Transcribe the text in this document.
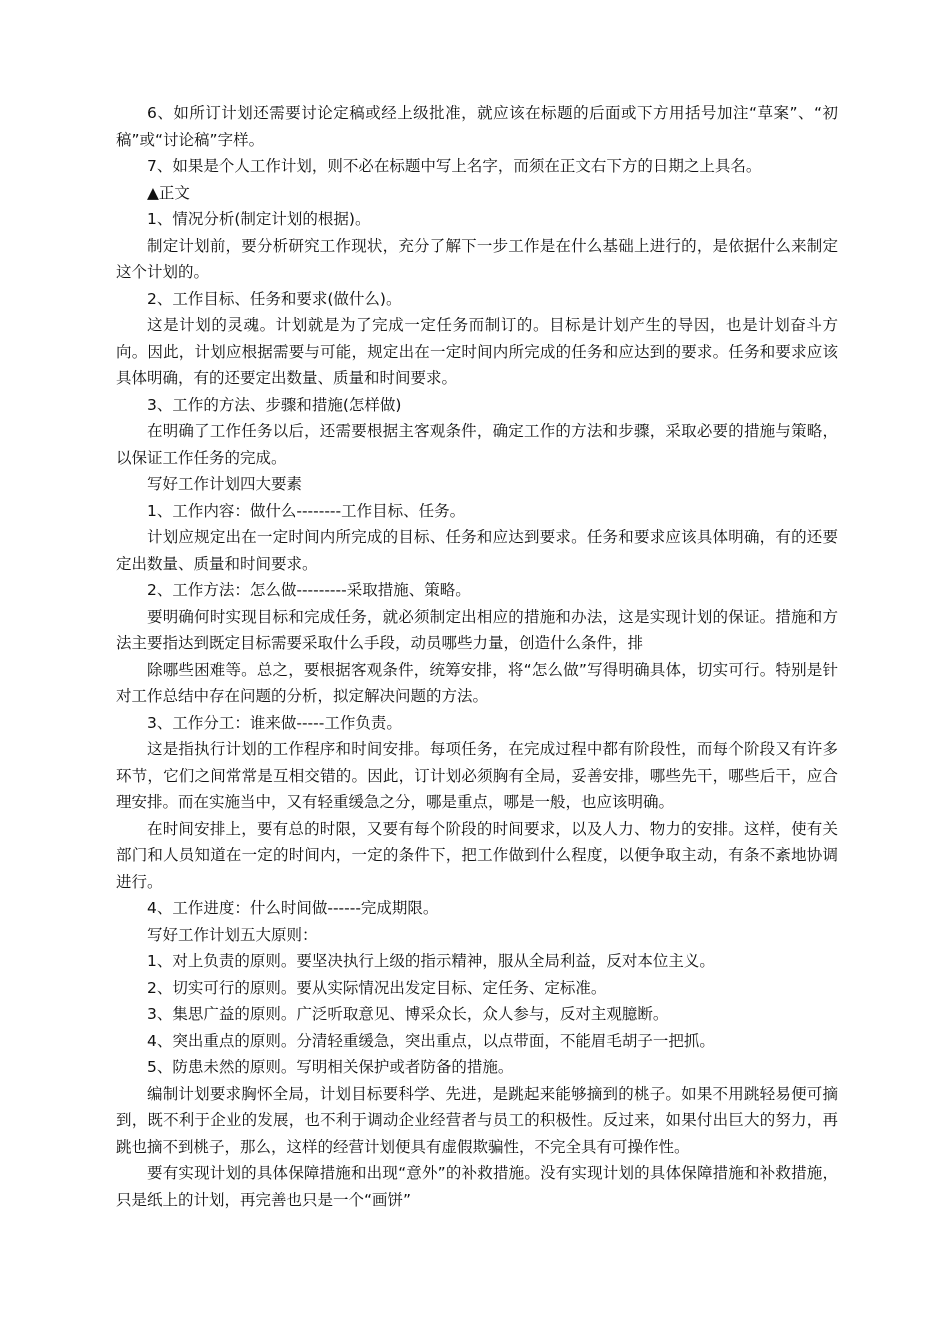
6、如所订计划还需要讨论定稿或经上级批准，就应该在标题的后面或下方用括号加注“草案”、“初稿”或“讨论稿”字样。

7、如果是个人工作计划，则不必在标题中写上名字，而须在正文右下方的日期之上具名。

▲正文

1、情况分析(制定计划的根据)。

制定计划前，要分析研究工作现状，充分了解下一步工作是在什么基础上进行的，是依据什么来制定这个计划的。

2、工作目标、任务和要求(做什么)。

这是计划的灵魂。计划就是为了完成一定任务而制订的。目标是计划产生的导因，也是计划奋斗方向。因此，计划应根据需要与可能，规定出在一定时间内所完成的任务和应达到的要求。任务和要求应该具体明确，有的还要定出数量、质量和时间要求。

3、工作的方法、步骤和措施(怎样做)

在明确了工作任务以后，还需要根据主客观条件，确定工作的方法和步骤，采取必要的措施与策略，以保证工作任务的完成。

写好工作计划四大要素

1、工作内容：做什么--------工作目标、任务。

计划应规定出在一定时间内所完成的目标、任务和应达到要求。任务和要求应该具体明确，有的还要定出数量、质量和时间要求。

2、工作方法：怎么做---------采取措施、策略。

要明确何时实现目标和完成任务，就必须制定出相应的措施和办法，这是实现计划的保证。措施和方法主要指达到既定目标需要采取什么手段，动员哪些力量，创造什么条件，排

除哪些困难等。总之，要根据客观条件，统筹安排，将“怎么做”写得明确具体，切实可行。特别是针对工作总结中存在问题的分析，拟定解决问题的方法。

3、工作分工：谁来做-----工作负责。

这是指执行计划的工作程序和时间安排。每项任务，在完成过程中都有阶段性，而每个阶段又有许多环节，它们之间常常是互相交错的。因此，订计划必须胸有全局，妥善安排，哪些先干，哪些后干，应合理安排。而在实施当中，又有轻重缓急之分，哪是重点，哪是一般，也应该明确。

在时间安排上，要有总的时限，又要有每个阶段的时间要求，以及人力、物力的安排。这样，使有关部门和人员知道在一定的时间内，一定的条件下，把工作做到什么程度，以便争取主动，有条不紊地协调进行。

4、工作进度：什么时间做------完成期限。

写好工作计划五大原则：

1、对上负责的原则。要坚决执行上级的指示精神，服从全局利益，反对本位主义。

2、切实可行的原则。要从实际情况出发定目标、定任务、定标准。

3、集思广益的原则。广泛听取意见、博采众长，众人参与，反对主观臆断。

4、突出重点的原则。分清轻重缓急，突出重点，以点带面，不能眉毛胡子一把抓。

5、防患未然的原则。写明相关保护或者防备的措施。

编制计划要求胸怀全局，计划目标要科学、先进，是跳起来能够摘到的桃子。如果不用跳轻易便可摘到，既不利于企业的发展，也不利于调动企业经营者与员工的积极性。反过来，如果付出巨大的努力，再跳也摘不到桃子，那么，这样的经营计划便具有虚假欺骗性，不完全具有可操作性。

要有实现计划的具体保障措施和出现“意外”的补救措施。没有实现计划的具体保障措施和补救措施，只是纸上的计划，再完善也只是一个“画饼”
